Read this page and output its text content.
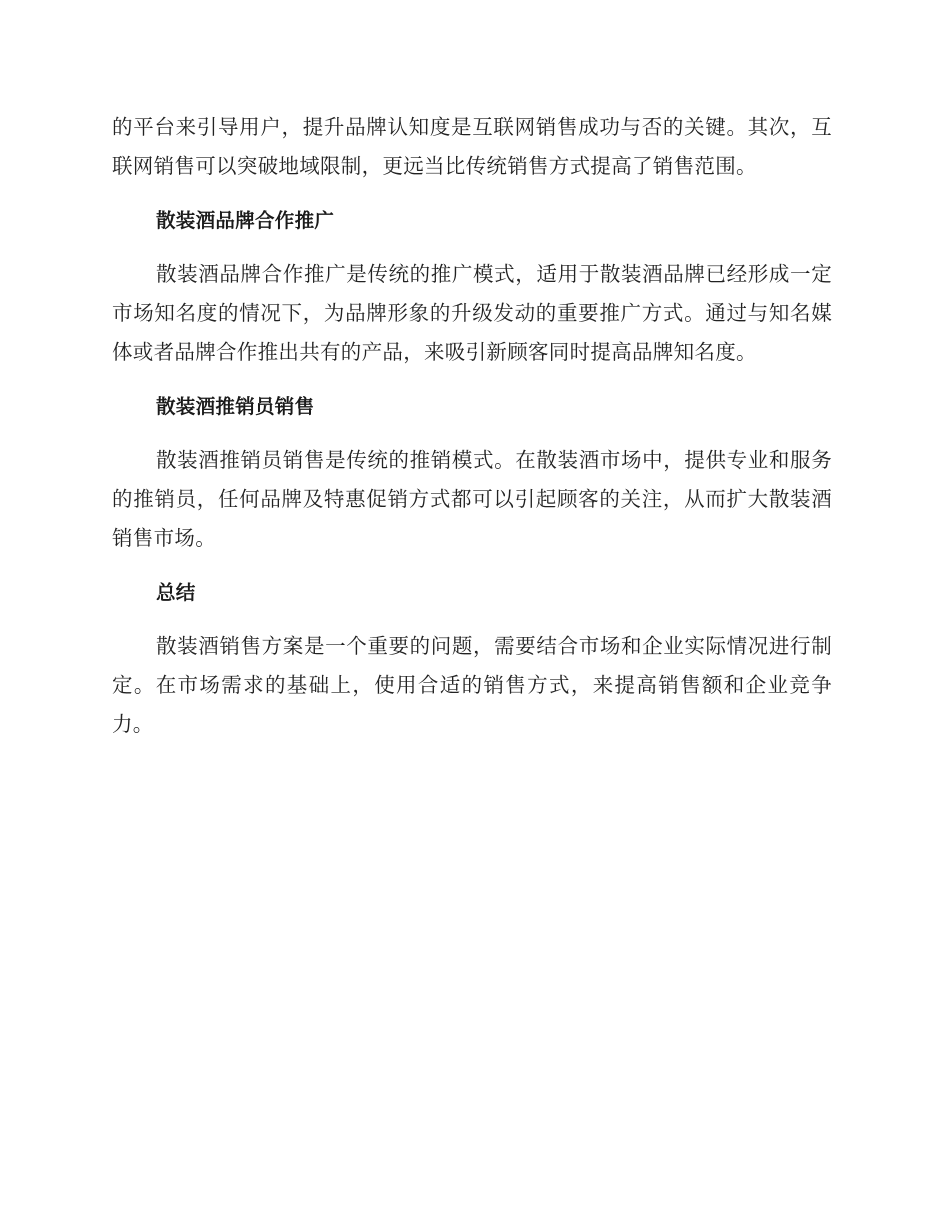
的平台来引导用户，提升品牌认知度是互联网销售成功与否的关键。其次，互联网销售可以突破地域限制，更远当比传统销售方式提高了销售范围。

散装酒品牌合作推广

散装酒品牌合作推广是传统的推广模式，适用于散装酒品牌已经形成一定市场知名度的情况下，为品牌形象的升级发动的重要推广方式。通过与知名媒体或者品牌合作推出共有的产品，来吸引新顾客同时提高品牌知名度。

散装酒推销员销售

散装酒推销员销售是传统的推销模式。在散装酒市场中，提供专业和服务的推销员，任何品牌及特惠促销方式都可以引起顾客的关注，从而扩大散装酒销售市场。

总结

散装酒销售方案是一个重要的问题，需要结合市场和企业实际情况进行制定。在市场需求的基础上，使用合适的销售方式，来提高销售额和企业竞争力。
